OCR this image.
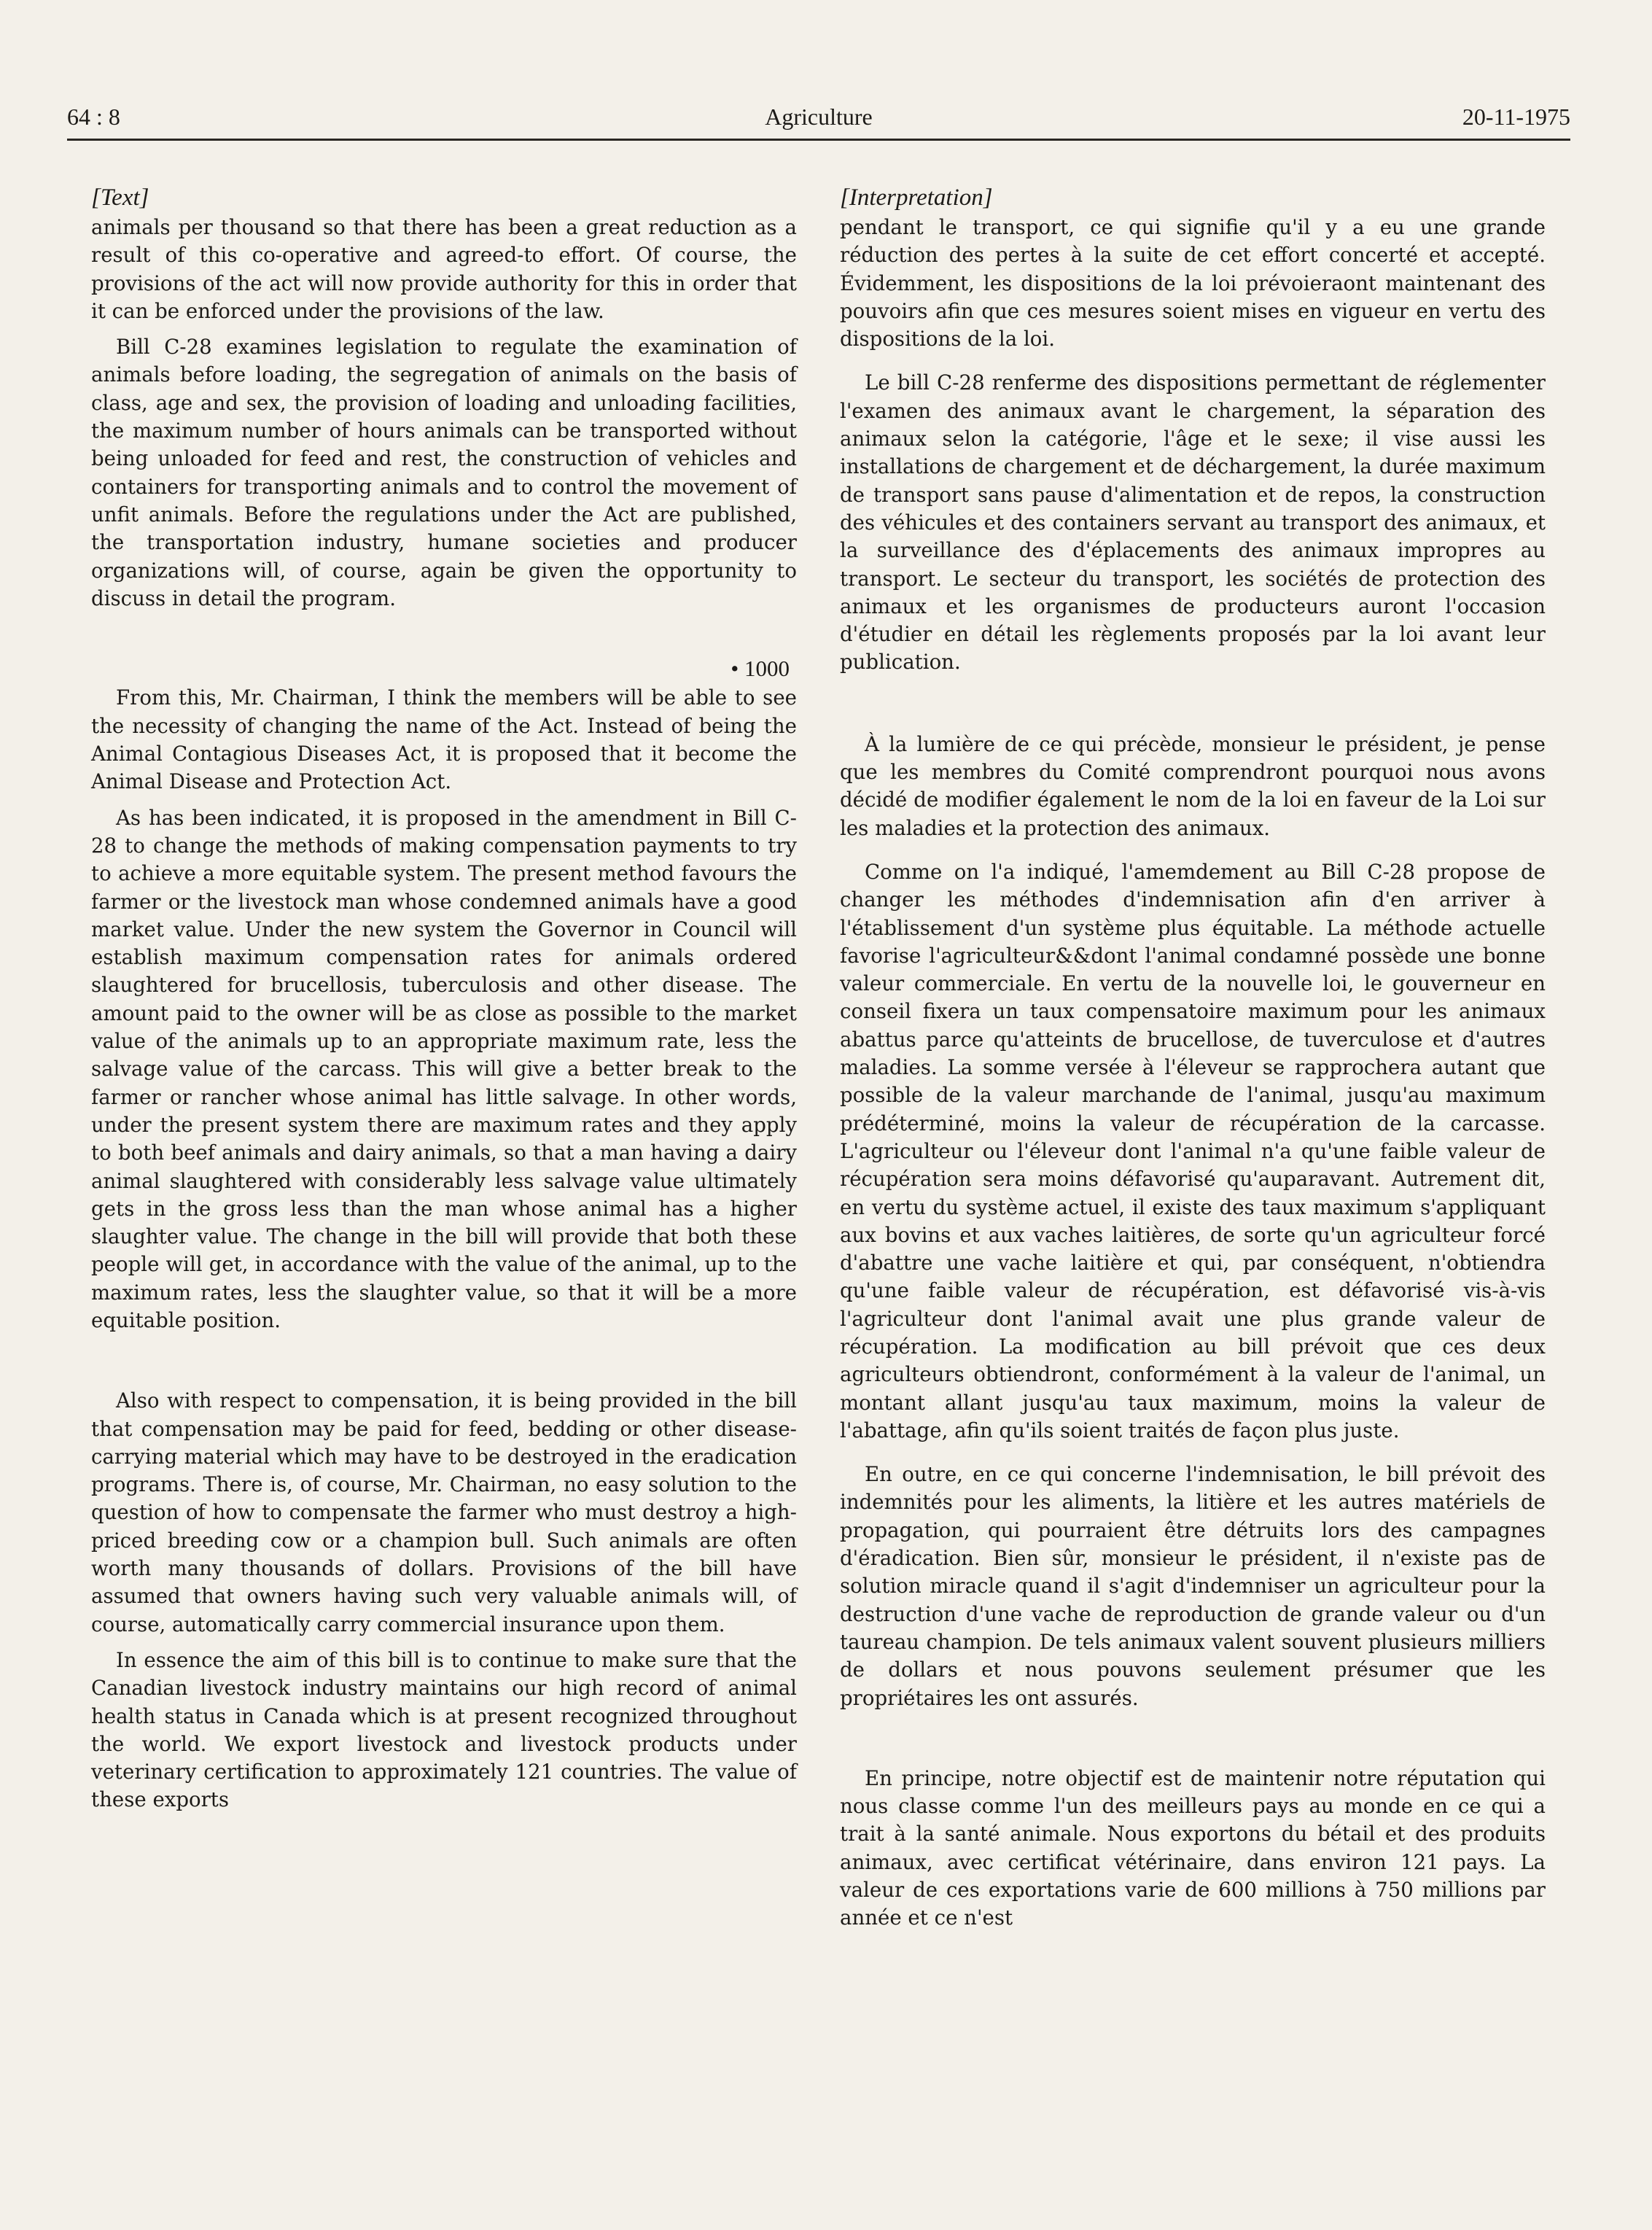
64 : 8	Agriculture	20-11-1975
[Text]

animals per thousand so that there has been a great reduction as a result of this co-operative and agreed-to effort. Of course, the provisions of the act will now provide authority for this in order that it can be enforced under the provisions of the law.

Bill C-28 examines legislation to regulate the examination of animals before loading, the segregation of animals on the basis of class, age and sex, the provision of loading and unloading facilities, the maximum number of hours animals can be transported without being unloaded for feed and rest, the construction of vehicles and containers for transporting animals and to control the movement of unfit animals. Before the regulations under the Act are published, the transportation industry, humane societies and producer organizations will, of course, again be given the opportunity to discuss in detail the program.

• 1000

From this, Mr. Chairman, I think the members will be able to see the necessity of changing the name of the Act. Instead of being the Animal Contagious Diseases Act, it is proposed that it become the Animal Disease and Protection Act.

As has been indicated, it is proposed in the amendment in Bill C-28 to change the methods of making compensation payments to try to achieve a more equitable system. The present method favours the farmer or the livestock man whose condemned animals have a good market value. Under the new system the Governor in Council will establish maximum compensation rates for animals ordered slaughtered for brucellosis, tuberculosis and other disease. The amount paid to the owner will be as close as possible to the market value of the animals up to an appropriate maximum rate, less the salvage value of the carcass. This will give a better break to the farmer or rancher whose animal has little salvage. In other words, under the present system there are maximum rates and they apply to both beef animals and dairy animals, so that a man having a dairy animal slaughtered with considerably less salvage value ultimately gets in the gross less than the man whose animal has a higher slaughter value. The change in the bill will provide that both these people will get, in accordance with the value of the animal, up to the maximum rates, less the slaughter value, so that it will be a more equitable position.

Also with respect to compensation, it is being provided in the bill that compensation may be paid for feed, bedding or other disease-carrying material which may have to be destroyed in the eradication programs. There is, of course, Mr. Chairman, no easy solution to the question of how to compensate the farmer who must destroy a high-priced breeding cow or a champion bull. Such animals are often worth many thousands of dollars. Provisions of the bill have assumed that owners having such very valuable animals will, of course, automatically carry commercial insurance upon them.

In essence the aim of this bill is to continue to make sure that the Canadian livestock industry maintains our high record of animal health status in Canada which is at present recognized throughout the world. We export livestock and livestock products under veterinary certification to approximately 121 countries. The value of these exports

[Interpretation]

pendant le transport, ce qui signifie qu'il y a eu une grande réduction des pertes à la suite de cet effort concerté et accepté. Évidemment, les dispositions de la loi prévoieraont maintenant des pouvoirs afin que ces mesures soient mises en vigueur en vertu des dispositions de la loi.

Le bill C-28 renferme des dispositions permettant de réglementer l'examen des animaux avant le chargement, la séparation des animaux selon la catégorie, l'âge et le sexe; il vise aussi les installations de chargement et de déchargement, la durée maximum de transport sans pause d'alimentation et de repos, la construction des véhicules et des containers servant au transport des animaux, et la surveillance des d'éplacements des animaux impropres au transport. Le secteur du transport, les sociétés de protection des animaux et les organismes de producteurs auront l'occasion d'étudier en détail les règlements proposés par la loi avant leur publication.

À la lumière de ce qui précède, monsieur le président, je pense que les membres du Comité comprendront pourquoi nous avons décidé de modifier également le nom de la loi en faveur de la Loi sur les maladies et la protection des animaux.

Comme on l'a indiqué, l'amemdement au Bill C-28 propose de changer les méthodes d'indemnisation afin d'en arriver à l'établissement d'un système plus équitable. La méthode actuelle favorise l'agriculteur&&dont l'animal condamné possède une bonne valeur commerciale. En vertu de la nouvelle loi, le gouverneur en conseil fixera un taux compensatoire maximum pour les animaux abattus parce qu'atteints de brucellose, de tuverculose et d'autres maladies. La somme versée à l'éleveur se rapprochera autant que possible de la valeur marchande de l'animal, jusqu'au maximum prédéterminé, moins la valeur de récupération de la carcasse. L'agriculteur ou l'éleveur dont l'animal n'a qu'une faible valeur de récupération sera moins défavorisé qu'auparavant. Autrement dit, en vertu du système actuel, il existe des taux maximum s'appliquant aux bovins et aux vaches laitières, de sorte qu'un agriculteur forcé d'abattre une vache laitière et qui, par conséquent, n'obtiendra qu'une faible valeur de récupération, est défavorisé vis-à-vis l'agriculteur dont l'animal avait une plus grande valeur de récupération. La modification au bill prévoit que ces deux agriculteurs obtiendront, conformément à la valeur de l'animal, un montant allant jusqu'au taux maximum, moins la valeur de l'abattage, afin qu'ils soient traités de façon plus juste.

En outre, en ce qui concerne l'indemnisation, le bill prévoit des indemnités pour les aliments, la litière et les autres matériels de propagation, qui pourraient être détruits lors des campagnes d'éradication. Bien sûr, monsieur le président, il n'existe pas de solution miracle quand il s'agit d'indemniser un agriculteur pour la destruction d'une vache de reproduction de grande valeur ou d'un taureau champion. De tels animaux valent souvent plusieurs milliers de dollars et nous pouvons seulement présumer que les propriétaires les ont assurés.

En principe, notre objectif est de maintenir notre réputation qui nous classe comme l'un des meilleurs pays au monde en ce qui a trait à la santé animale. Nous exportons du bétail et des produits animaux, avec certificat vétérinaire, dans environ 121 pays. La valeur de ces exportations varie de 600 millions à 750 millions par année et ce n'est
